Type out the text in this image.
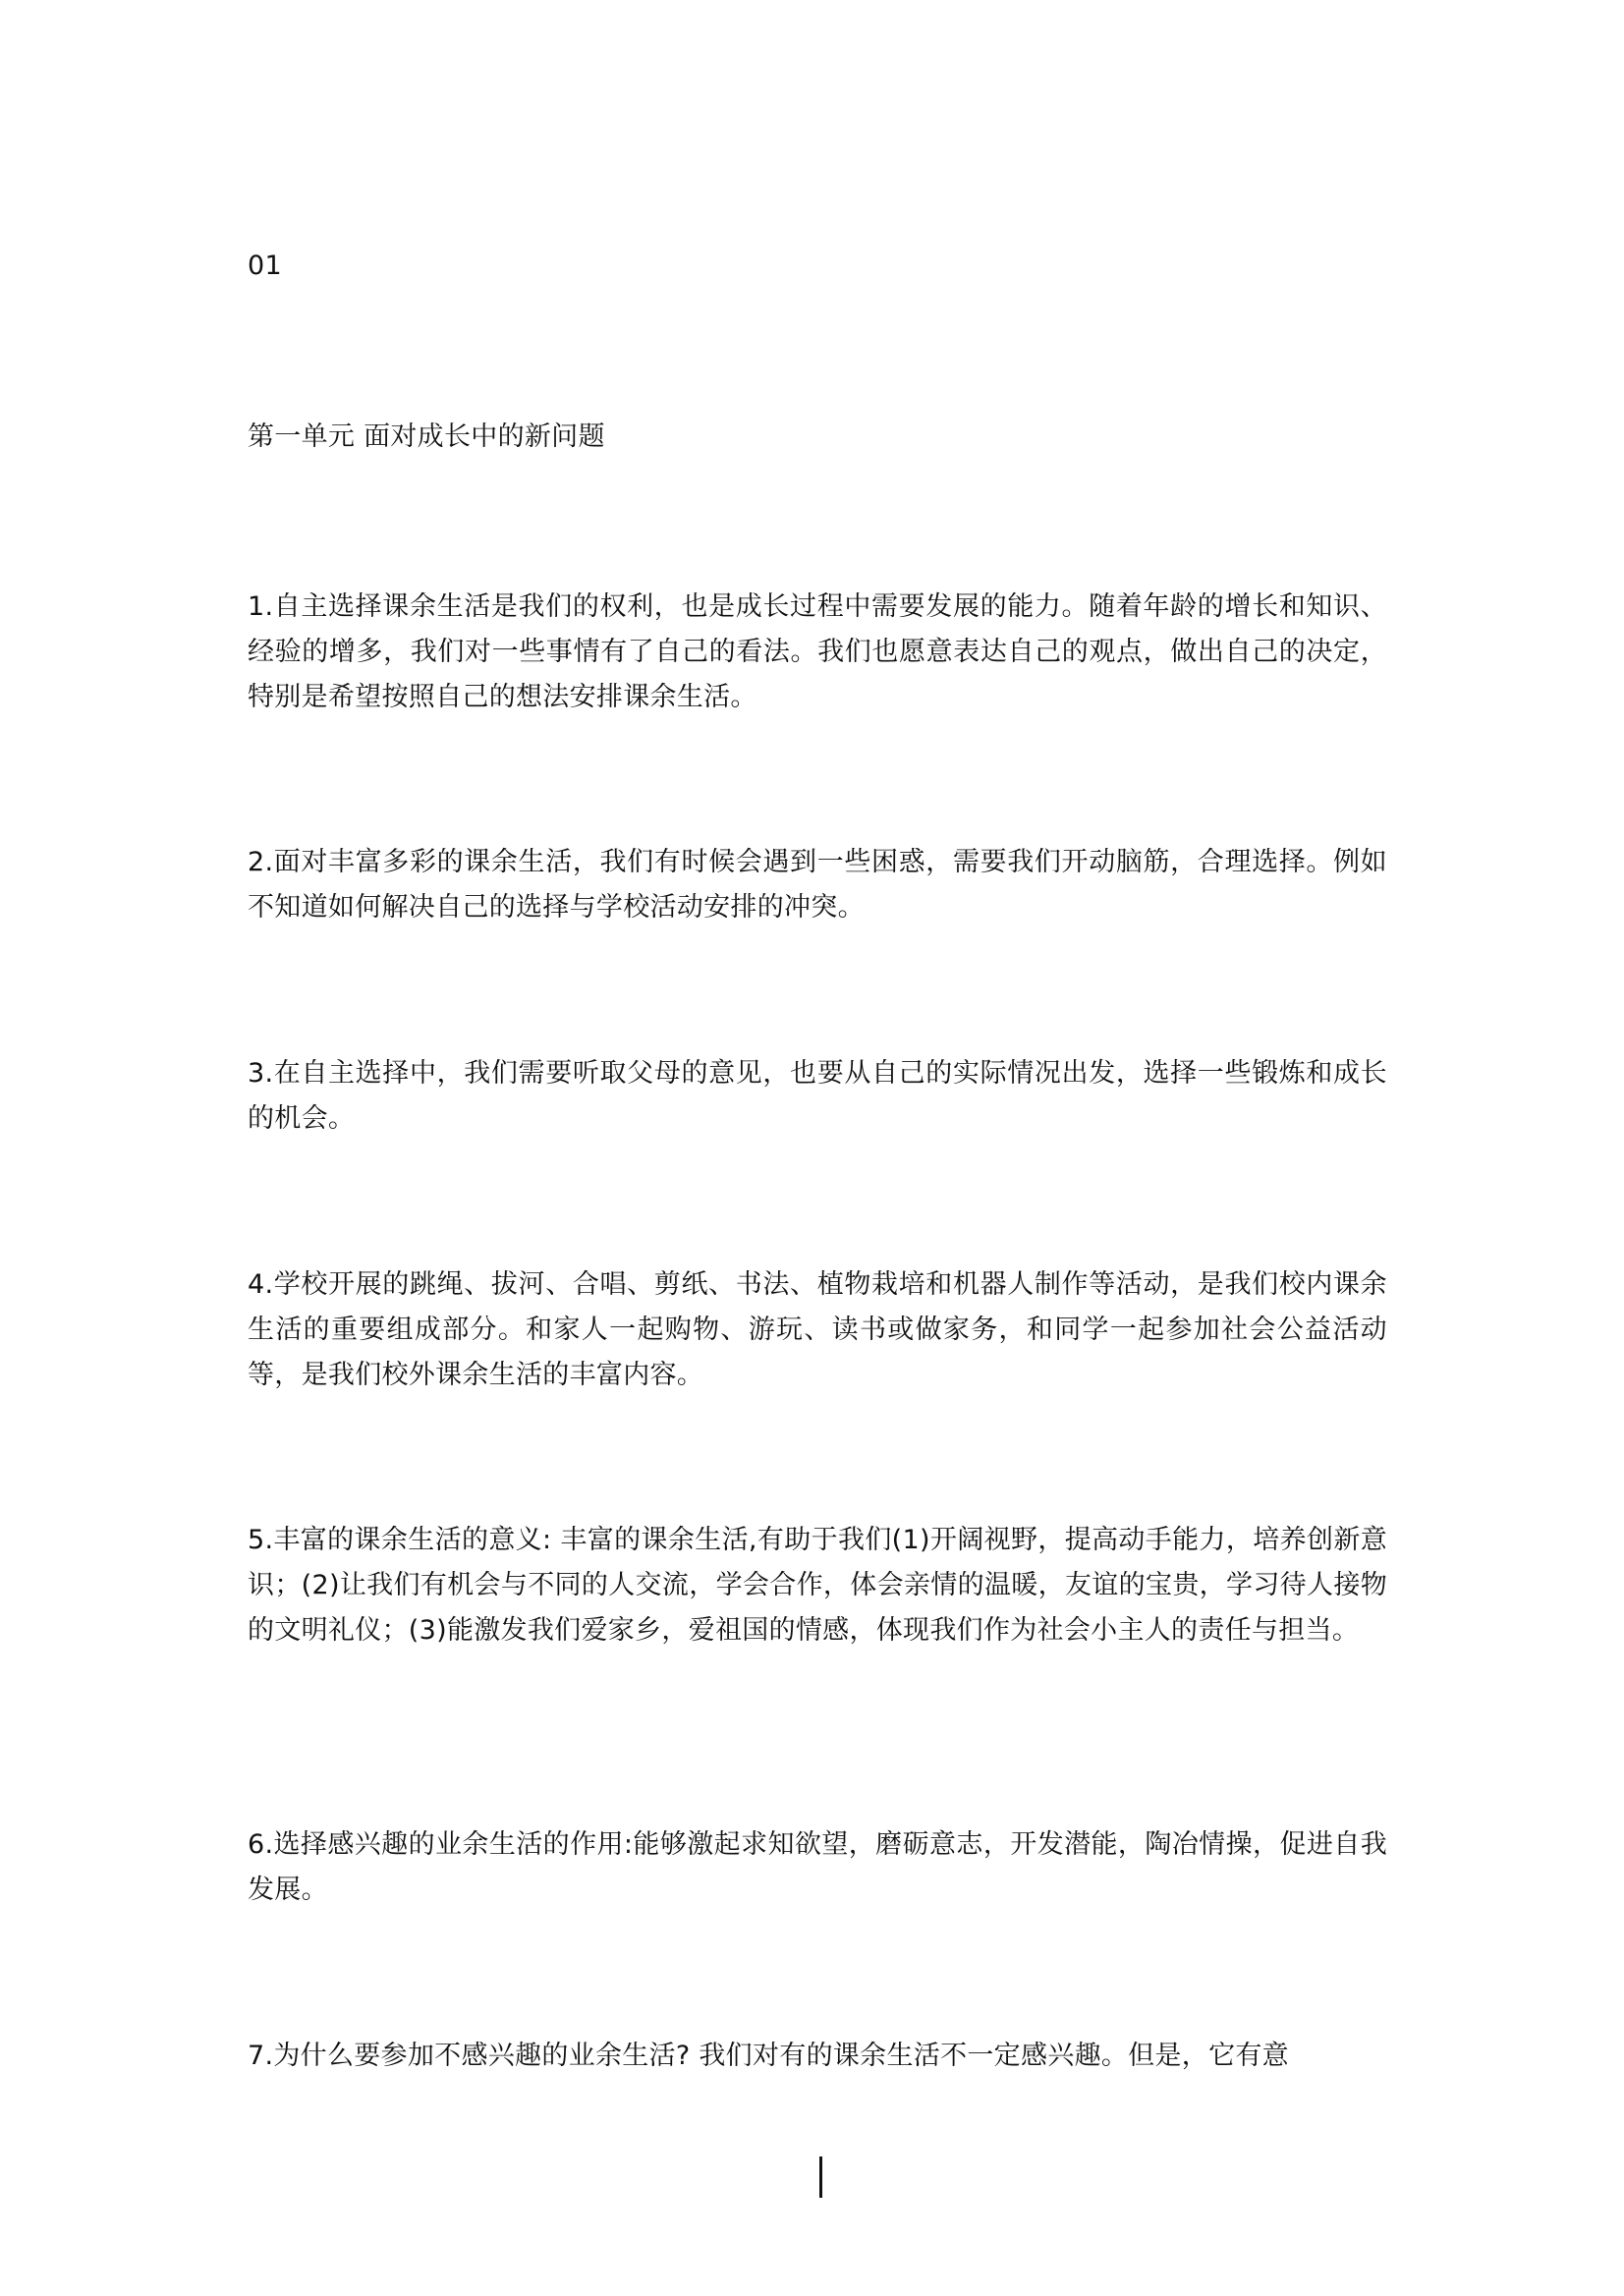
01
第一单元 面对成长中的新问题
1.自主选择课余生活是我们的权利，也是成长过程中需要发展的能力。随着年龄的增长和知识、经验的增多，我们对一些事情有了自己的看法。我们也愿意表达自己的观点，做出自己的决定，特别是希望按照自己的想法安排课余生活。
2.面对丰富多彩的课余生活，我们有时候会遇到一些困惑，需要我们开动脑筋，合理选择。例如不知道如何解决自己的选择与学校活动安排的冲突。
3.在自主选择中，我们需要听取父母的意见，也要从自己的实际情况出发，选择一些锻炼和成长的机会。
4.学校开展的跳绳、拔河、合唱、剪纸、书法、植物栽培和机器人制作等活动，是我们校内课余生活的重要组成部分。和家人一起购物、游玩、读书或做家务，和同学一起参加社会公益活动等，是我们校外课余生活的丰富内容。
5.丰富的课余生活的意义: 丰富的课余生活,有助于我们(1)开阔视野，提高动手能力，培养创新意识；(2)让我们有机会与不同的人交流，学会合作，体会亲情的温暖，友谊的宝贵，学习待人接物的文明礼仪；(3)能激发我们爱家乡，爱祖国的情感，体现我们作为社会小主人的责任与担当。
6.选择感兴趣的业余生活的作用:能够激起求知欲望，磨砺意志，开发潜能，陶冶情操，促进自我发展。
7.为什么要参加不感兴趣的业余生活? 我们对有的课余生活不一定感兴趣。但是，它有意
